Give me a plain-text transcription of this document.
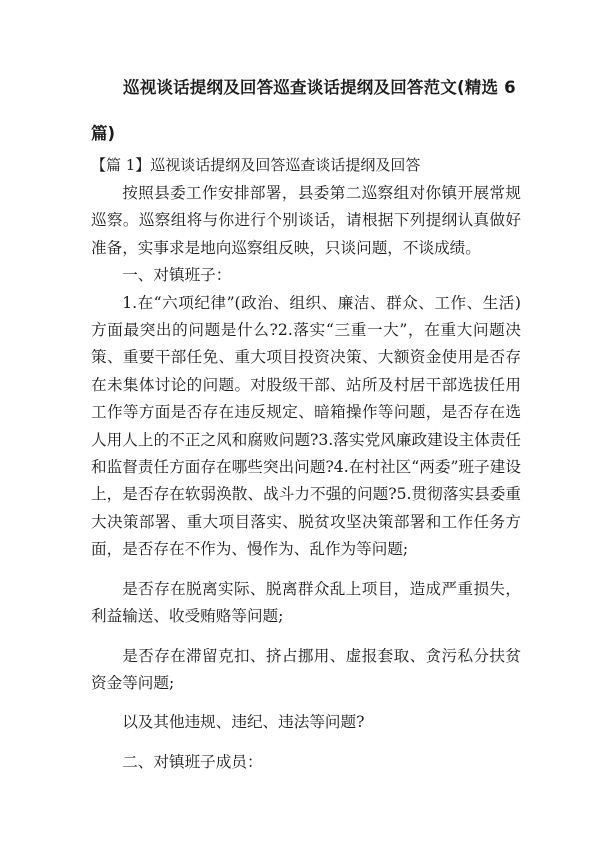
巡视谈话提纲及回答巡查谈话提纲及回答范文(精选 6
篇)
【篇 1】巡视谈话提纲及回答巡查谈话提纲及回答

按照县委工作安排部署，县委第二巡察组对你镇开展常规巡察。巡察组将与你进行个别谈话，请根据下列提纲认真做好准备，实事求是地向巡察组反映，只谈问题，不谈成绩。

一、对镇班子：

1.在“六项纪律”(政治、组织、廉洁、群众、工作、生活)方面最突出的问题是什么?2.落实“三重一大”，在重大问题决策、重要干部任免、重大项目投资决策、大额资金使用是否存在未集体讨论的问题。对股级干部、站所及村居干部选拔任用工作等方面是否存在违反规定、暗箱操作等问题，是否存在选人用人上的不正之风和腐败问题?3.落实党风廉政建设主体责任和监督责任方面存在哪些突出问题?4.在村社区“两委”班子建设上，是否存在软弱涣散、战斗力不强的问题?5.贯彻落实县委重大决策部署、重大项目落实、脱贫攻坚决策部署和工作任务方面，是否存在不作为、慢作为、乱作为等问题;

是否存在脱离实际、脱离群众乱上项目，造成严重损失，利益输送、收受贿赂等问题;

是否存在滞留克扣、挤占挪用、虚报套取、贪污私分扶贫资金等问题;

以及其他违规、违纪、违法等问题?

二、对镇班子成员：
